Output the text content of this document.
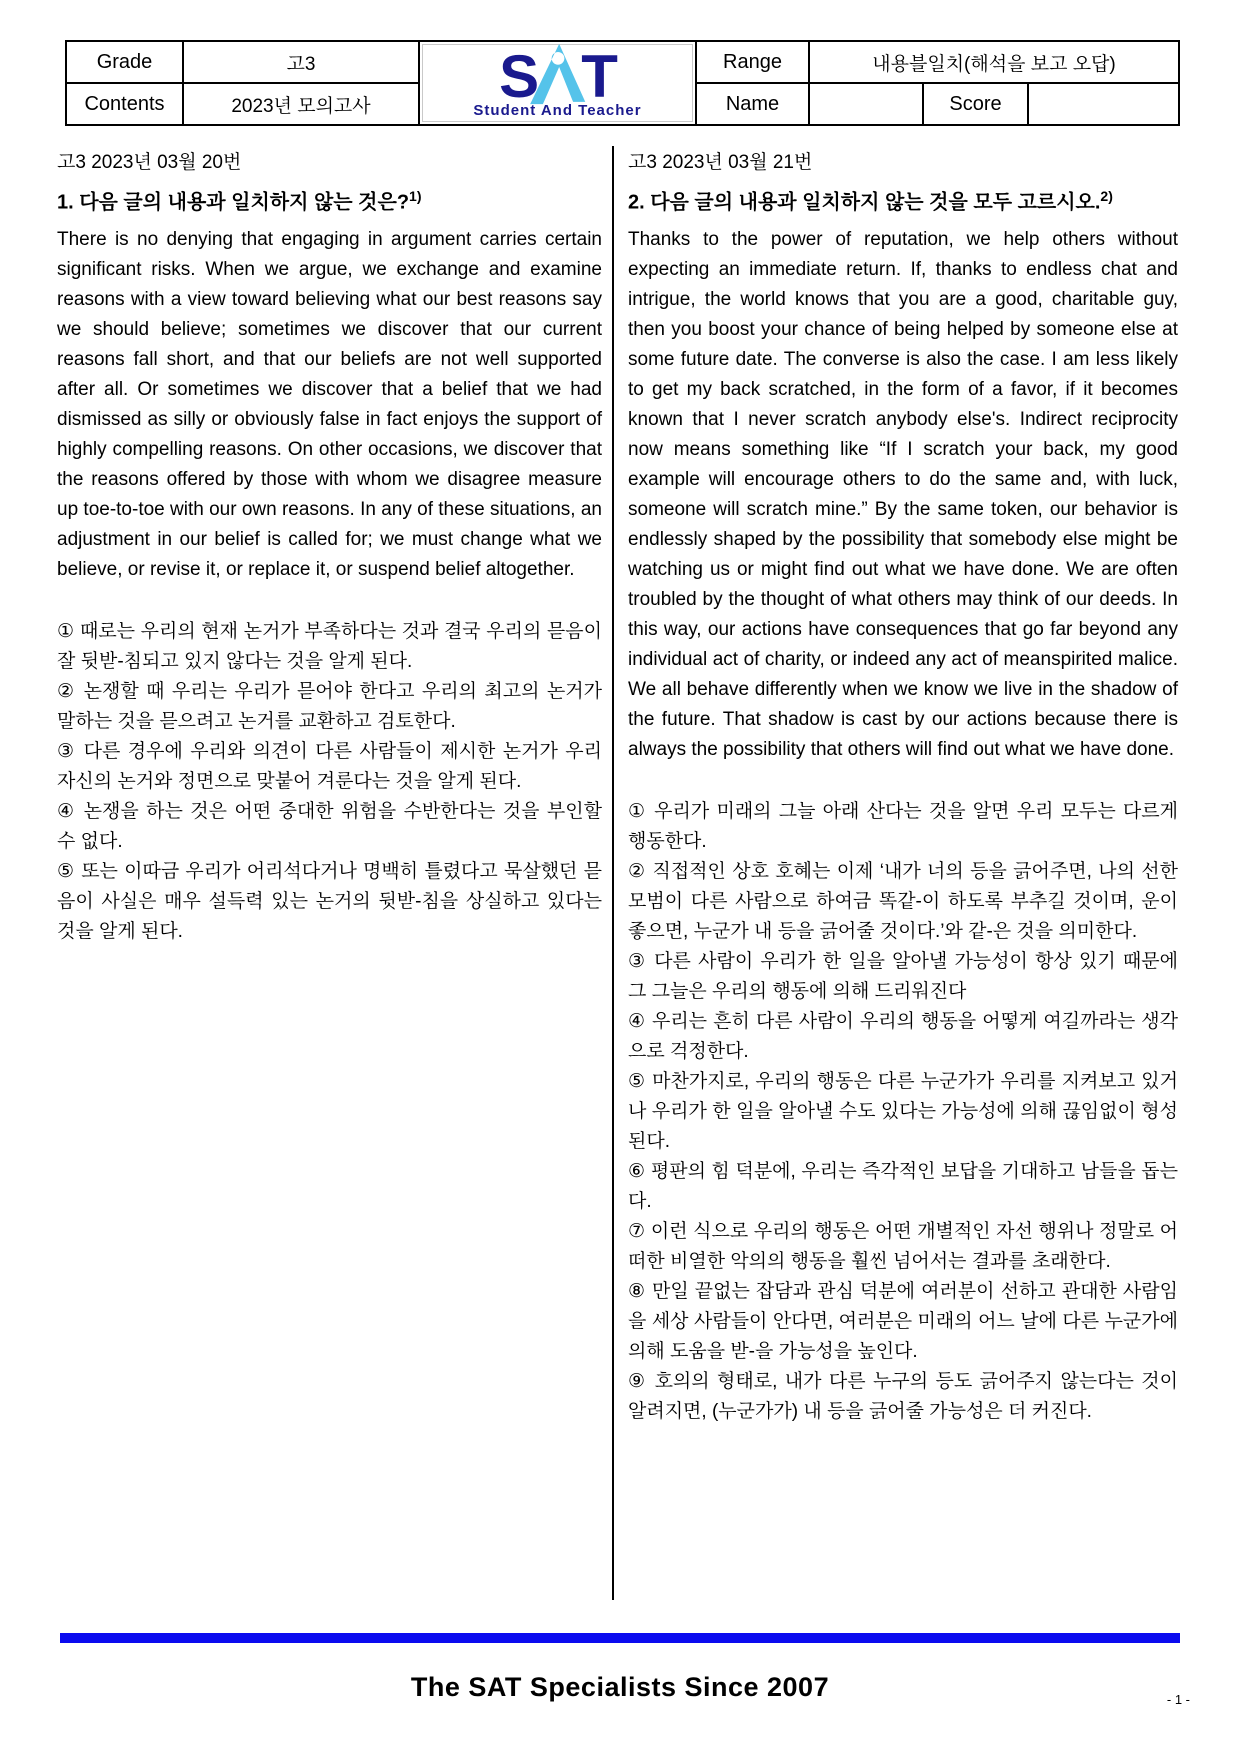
Grade	고3	S T
Student And Teacher	Range	내용블일치(해석을 보고 오답)		
Contents	2023년 모의고사		Name		Score	
고3 2023년 03월 20번
1. 다음 글의 내용과 일치하지 않는 것은?$^{1)}$

There is no denying that engaging in argument carries certain significant risks. When we argue, we exchange and examine reasons with a view toward believing what our best reasons say we should believe; sometimes we discover that our current reasons fall short, and that our beliefs are not well supported after all. Or sometimes we discover that a belief that we had dismissed as silly or obviously false in fact enjoys the support of highly compelling reasons. On other occasions, we discover that the reasons offered by those with whom we disagree measure up toe-to-toe with our own reasons. In any of these situations, an adjustment in our belief is called for; we must change what we believe, or revise it, or replace it, or suspend belief altogether.

① 때로는 우리의 현재 논거가 부족하다는 것과 결국 우리의 믇음이 잘 뒷받-침되고 있지 않다는 것을 알게 된다.

② 논쟁할 때 우리는 우리가 믇어야 한다고 우리의 최고의 논거가 말하는 것을 믇으려고 논거를 교환하고 검토한다.

③ 다른 경우에 우리와 의견이 다른 사람들이 제시한 논거가 우리 자신의 논거와 정면으로 맞붙어 겨룬다는 것을 알게 된다.

④ 논쟁을 하는 것은 어떤 중대한 위험을 수반한다는 것을 부인할 수 없다.

⑤ 또는 이따금 우리가 어리석다거나 명백히 틀렸다고 묵살했던 믇음이 사실은 매우 설득력 있는 논거의 뒷받-침을 상실하고 있다는 것을 알게 된다.

고3 2023년 03월 21번
2. 다음 글의 내용과 일치하지 않는 것을 모두 고르시오.$^{2)}$

Thanks to the power of reputation, we help others without expecting an immediate return. If, thanks to endless chat and intrigue, the world knows that you are a good, charitable guy, then you boost your chance of being helped by someone else at some future date. The converse is also the case. I am less likely to get my back scratched, in the form of a favor, if it becomes known that I never scratch anybody else's. Indirect reciprocity now means something like “If I scratch your back, my good example will encourage others to do the same and, with luck, someone will scratch mine.” By the same token, our behavior is endlessly shaped by the possibility that somebody else might be watching us or might find out what we have done. We are often troubled by the thought of what others may think of our deeds. In this way, our actions have consequences that go far beyond any individual act of charity, or indeed any act of meanspirited malice. We all behave differently when we know we live in the shadow of the future. That shadow is cast by our actions because there is always the possibility that others will find out what we have done.

① 우리가 미래의 그늘 아래 산다는 것을 알면 우리 모두는 다르게 행동한다.

② 직접적인 상호 호혜는 이제 ‘내가 너의 등을 긁어주면, 나의 선한 모범이 다른 사람으로 하여금 똑같-이 하도록 부추길 것이며, 운이 좋으면, 누군가 내 등을 긁어줄 것이다.’와 같-은 것을 의미한다.

③ 다른 사람이 우리가 한 일을 알아낼 가능성이 항상 있기 때문에 그 그늘은 우리의 행동에 의해 드리워진다

④ 우리는 흔히 다른 사람이 우리의 행동을 어떻게 여길까라는 생각으로 걱정한다.

⑤ 마찬가지로, 우리의 행동은 다른 누군가가 우리를 지켜보고 있거나 우리가 한 일을 알아낼 수도 있다는 가능성에 의해 끊임없이 형성된다.

⑥ 평판의 힘 덕분에, 우리는 즉각적인 보답을 기대하고 남들을 돕는다.

⑦ 이런 식으로 우리의 행동은 어떤 개별적인 자선 행위나 정말로 어떠한 비열한 악의의 행동을 훨씬 넘어서는 결과를 초래한다.

⑧ 만일 끝없는 잡담과 관심 덕분에 여러분이 선하고 관대한 사람임을 세상 사람들이 안다면, 여러분은 미래의 어느 날에 다른 누군가에 의해 도움을 받-을 가능성을 높인다.

⑨ 호의의 형태로, 내가 다른 누구의 등도 긁어주지 않는다는 것이 알려지면, (누군가가) 내 등을 긁어줄 가능성은 더 커진다.

The SAT Specialists Since 2007	- 1 -
